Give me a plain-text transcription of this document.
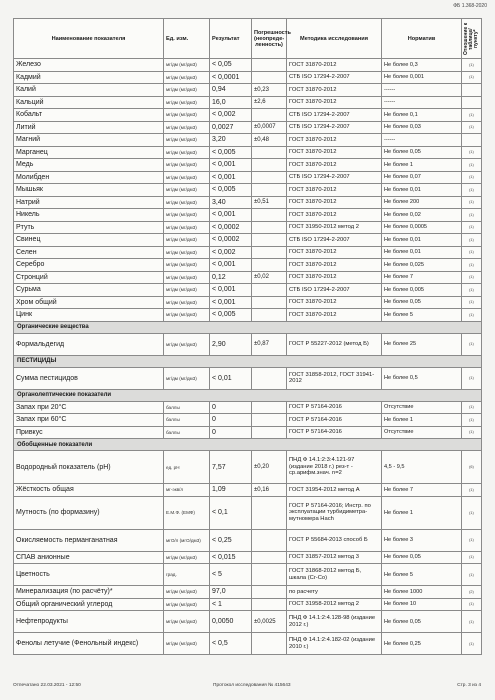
ФБ 1.368-2020
Наименование показателя	Ед. изм.	Результат	Погрешность (неопреде-ленность)	Методика исследования	Норматив	Отношение к таблице/ пункту*

Железо	мг/дм (мг/дм3)	< 0,05		ГОСТ 31870-2012	Не более 0,3	(1)
Кадмий	мг/дм (мг/дм3)	< 0,0001		СТБ ISO 17294-2-2007	Не более 0,001	(1)
Калий	мг/дм (мг/дм3)	0,94	±0,23	ГОСТ 31870-2012	------	
Кальций	мг/дм (мг/дм3)	16,0	±2,6	ГОСТ 31870-2012	------	
Кобальт	мг/дм (мг/дм3)	< 0,002		СТБ ISO 17294-2-2007	Не более 0,1	(1)
Литий	мг/дм (мг/дм3)	0,0027	±0,0007	СТБ ISO 17294-2-2007	Не более 0,03	(1)
Магний	мг/дм (мг/дм3)	3,20	±0,48	ГОСТ 31870-2012	------	
Марганец	мг/дм (мг/дм3)	< 0,005		ГОСТ 31870-2012	Не более 0,05	(1)
Медь	мг/дм (мг/дм3)	< 0,001		ГОСТ 31870-2012	Не более 1	(1)
Молибден	мг/дм (мг/дм3)	< 0,001		СТБ ISO 17294-2-2007	Не более 0,07	(1)
Мышьяк	мг/дм (мг/дм3)	< 0,005		ГОСТ 31870-2012	Не более 0,01	(1)
Натрий	мг/дм (мг/дм3)	3,40	±0,51	ГОСТ 31870-2012	Не более 200	(1)
Никель	мг/дм (мг/дм3)	< 0,001		ГОСТ 31870-2012	Не более 0,02	(1)
Ртуть	мг/дм (мг/дм3)	< 0,0002		ГОСТ 31950-2012 метод 2	Не более 0,0005	(1)
Свинец	мг/дм (мг/дм3)	< 0,0002		СТБ ISO 17294-2-2007	Не более 0,01	(1)
Селен	мг/дм (мг/дм3)	< 0,002		ГОСТ 31870-2012	Не более 0,01	(1)
Серебро	мг/дм (мг/дм3)	< 0,001		ГОСТ 31870-2012	Не более 0,025	(1)
Стронций	мг/дм (мг/дм3)	0,12	±0,02	ГОСТ 31870-2012	Не более 7	(1)
Сурьма	мг/дм (мг/дм3)	< 0,001		СТБ ISO 17294-2-2007	Не более 0,005	(1)
Хром общий	мг/дм (мг/дм3)	< 0,001		ГОСТ 31870-2012	Не более 0,05	(1)
Цинк	мг/дм (мг/дм3)	< 0,005		ГОСТ 31870-2012	Не более 5	(1)
Органические вещества						
Формальдегид	мг/дм (мг/дм3)	2,90	±0,87	ГОСТ Р 55227-2012 (метод Б)	Не более 25	(1)
ПЕСТИЦИДЫ						
Сумма пестицидов	мг/дм (мг/дм3)	< 0,01		ГОСТ 31858-2012, ГОСТ 31941-2012	Не более 0,5	(1)
Органолептические показатели						
Запах при 20°C	баллы	0		ГОСТ Р 57164-2016	Отсутствие	(1)
Запах при 60°C	баллы	0		ГОСТ Р 57164-2016	Не более 1	(1)
Привкус	баллы	0		ГОСТ Р 57164-2016	Отсутствие	(1)
Обобщенные показатели						
Водородный показатель (pH)	ед. pH	7,57	±0,20	ПНД Ф 14.1:2:3:4.121-97 (издание 2018 г.) рез-т - ср.арифм.знач. n=2	4,5 - 9,5	(6)
Жёсткость общая	мг-экв/л	1,09	±0,16	ГОСТ 31954-2012 метод А	Не более 7	(1)
Мутность (по формазину)	Е.М.Ф. (ЕМФ)	< 0,1		ГОСТ Р 57164-2016; Инстр. по эксплуатации турбидиметра-мутномера Hach	Не более 1	(1)
Окисляемость перманганатная	мгО/л (мгО/дм3)	< 0,25		ГОСТ Р 55684-2013 способ Б	Не более 3	(1)
СПАВ анионные	мг/дм (мг/дм3)	< 0,015		ГОСТ 31857-2012 метод 3	Не более 0,05	(1)
Цветность	град.	< 5		ГОСТ 31868-2012 метод Б, шкала (Cr-Co)	Не более 5	(1)
Минерализация (по расчёту)*	мг/дм (мг/дм3)	97,0		по расчету	Не более 1000	(2)
Общий органический углерод	мг/дм (мг/дм3)	< 1		ГОСТ 31958-2012 метод 2	Не более 10	(1)
Нефтепродукты	мг/дм (мг/дм3)	0,0050	±0,0025	ПНД Ф 14.1:2:4.128-98 (издание 2012 г.)	Не более 0,05	(1)
Фенолы летучие (Фенольный индекс)	мг/дм (мг/дм3)	< 0,5		ПНД Ф 14.1:2:4.182-02 (издание 2010 г.)	Не более 0,25	(1)
Отпечатано 22.03.2021 - 12:50	Протокол исследования № 415643	Стр. 3 из 4
